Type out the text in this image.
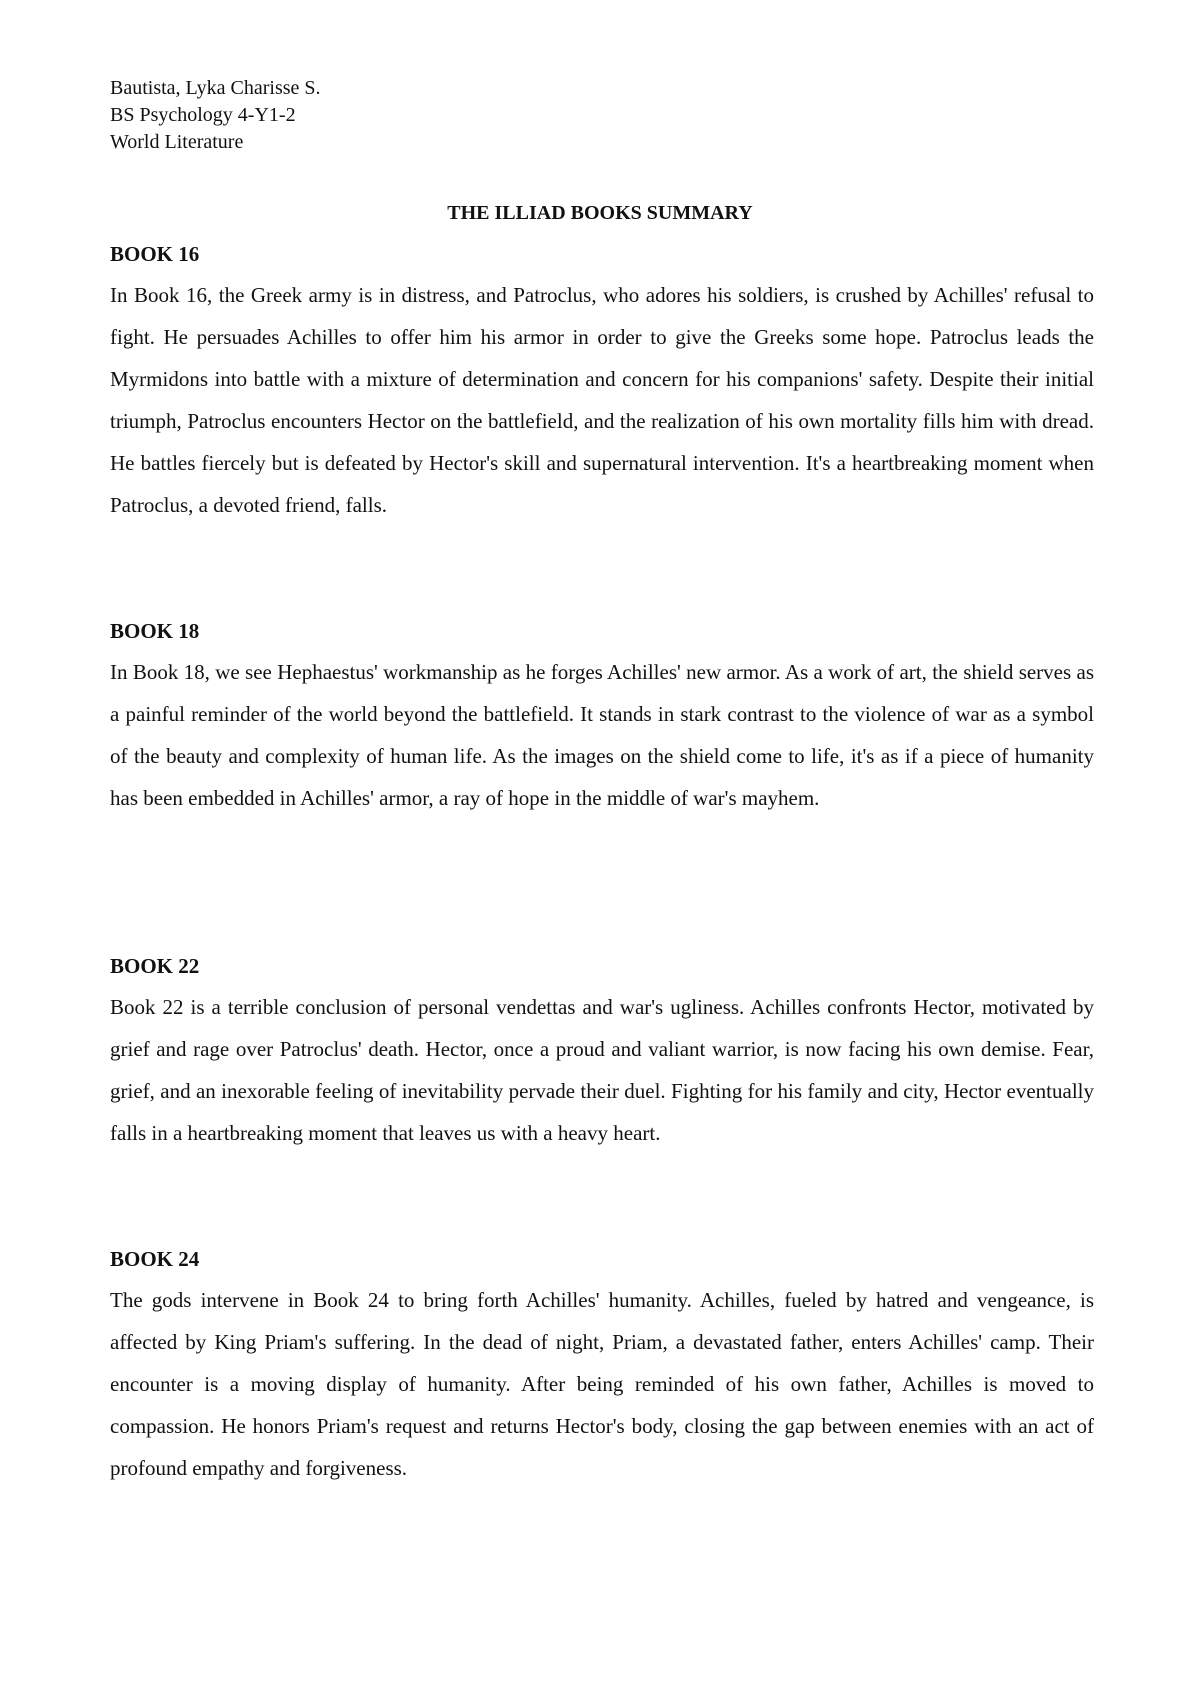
Bautista, Lyka Charisse S.
BS Psychology 4-Y1-2
World Literature
THE ILLIAD BOOKS SUMMARY
BOOK 16

In Book 16, the Greek army is in distress, and Patroclus, who adores his soldiers, is crushed by Achilles' refusal to fight. He persuades Achilles to offer him his armor in order to give the Greeks some hope. Patroclus leads the Myrmidons into battle with a mixture of determination and concern for his companions' safety. Despite their initial triumph, Patroclus encounters Hector on the battlefield, and the realization of his own mortality fills him with dread. He battles fiercely but is defeated by Hector's skill and supernatural intervention. It's a heartbreaking moment when Patroclus, a devoted friend, falls.

BOOK 18

In Book 18, we see Hephaestus' workmanship as he forges Achilles' new armor. As a work of art, the shield serves as a painful reminder of the world beyond the battlefield. It stands in stark contrast to the violence of war as a symbol of the beauty and complexity of human life. As the images on the shield come to life, it's as if a piece of humanity has been embedded in Achilles' armor, a ray of hope in the middle of war's mayhem.

BOOK 22

Book 22 is a terrible conclusion of personal vendettas and war's ugliness. Achilles confronts Hector, motivated by grief and rage over Patroclus' death. Hector, once a proud and valiant warrior, is now facing his own demise. Fear, grief, and an inexorable feeling of inevitability pervade their duel. Fighting for his family and city, Hector eventually falls in a heartbreaking moment that leaves us with a heavy heart.

BOOK 24

The gods intervene in Book 24 to bring forth Achilles' humanity. Achilles, fueled by hatred and vengeance, is affected by King Priam's suffering. In the dead of night, Priam, a devastated father, enters Achilles' camp. Their encounter is a moving display of humanity. After being reminded of his own father, Achilles is moved to compassion. He honors Priam's request and returns Hector's body, closing the gap between enemies with an act of profound empathy and forgiveness.
